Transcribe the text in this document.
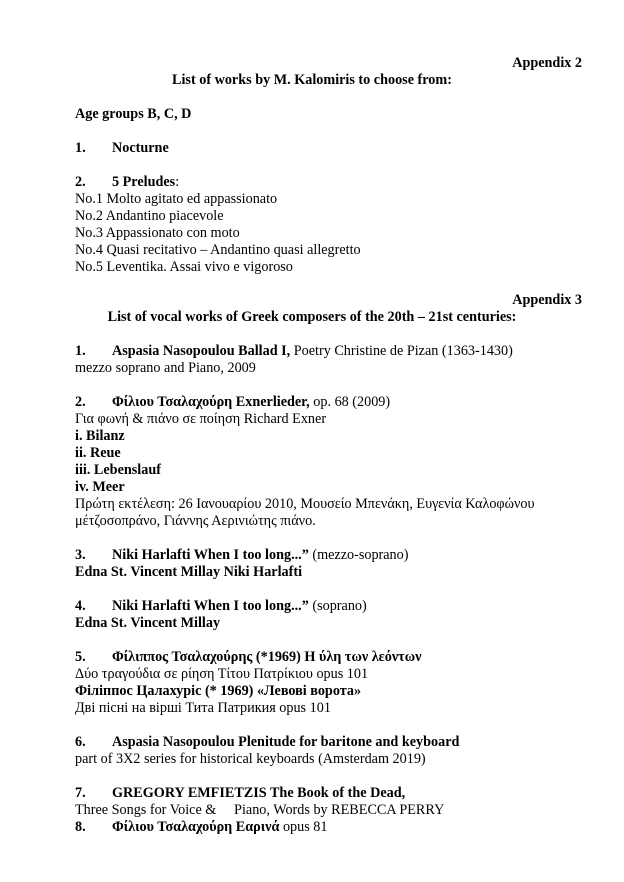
Appendix 2
List of works by M. Kalomiris to choose from:
Age groups B, C, D
1. Nocturne
2. 5 Preludes:
No.1 Molto agitato ed appassionato
No.2 Andantino piacevole
No.3 Appassionato con moto
No.4 Quasi recitativo – Andantino quasi allegretto
No.5 Leventika. Assai vivo e vigoroso
Appendix 3
List of vocal works of Greek composers of the 20th – 21st centuries:
1. Aspasia Nasopoulou Ballad I, Poetry Christine de Pizan (1363-1430)
mezzo soprano and Piano, 2009
2. Φίλιου Τσαλαχούρη Exnerlieder, op. 68 (2009)
Για φωνή & πιάνο σε ποίηση Richard Exner
i. Bilanz
ii. Reue
iii. Lebenslauf
iv. Meer
Πρώτη εκτέλεση: 26 Ιανουαρίου 2010, Μουσείο Μπενάκη, Ευγενία Καλοφώνου
μέτζοσοπράνο, Γιάννης Αερινιώτης πιάνο.
3. Niki Harlafti When I too long...” (mezzo-soprano)
Edna St. Vincent Millay Niki Harlafti
4. Niki Harlafti When I too long...” (soprano)
Edna St. Vincent Millay
5. Φίλιππος Τσαλαχούρης (*1969) Η ύλη των λεόντων
Δύο τραγούδια σε ρίηση Τίτου Πατρίκιου opus 101
Філіппос Цалахуріс (* 1969) «Левові ворота»
Дві пісні на вірші Тита Патрикия opus 101
6. Aspasia Nasopoulou Plenitude for baritone and keyboard
part of 3X2 series for historical keyboards (Amsterdam 2019)
7. GREGORY EMFIETZIS The Book of the Dead,
Three Songs for Voice &     Piano, Words by REBECCA PERRY
8. Φίλιου Τσαλαχούρη Εαρινά opus 81
